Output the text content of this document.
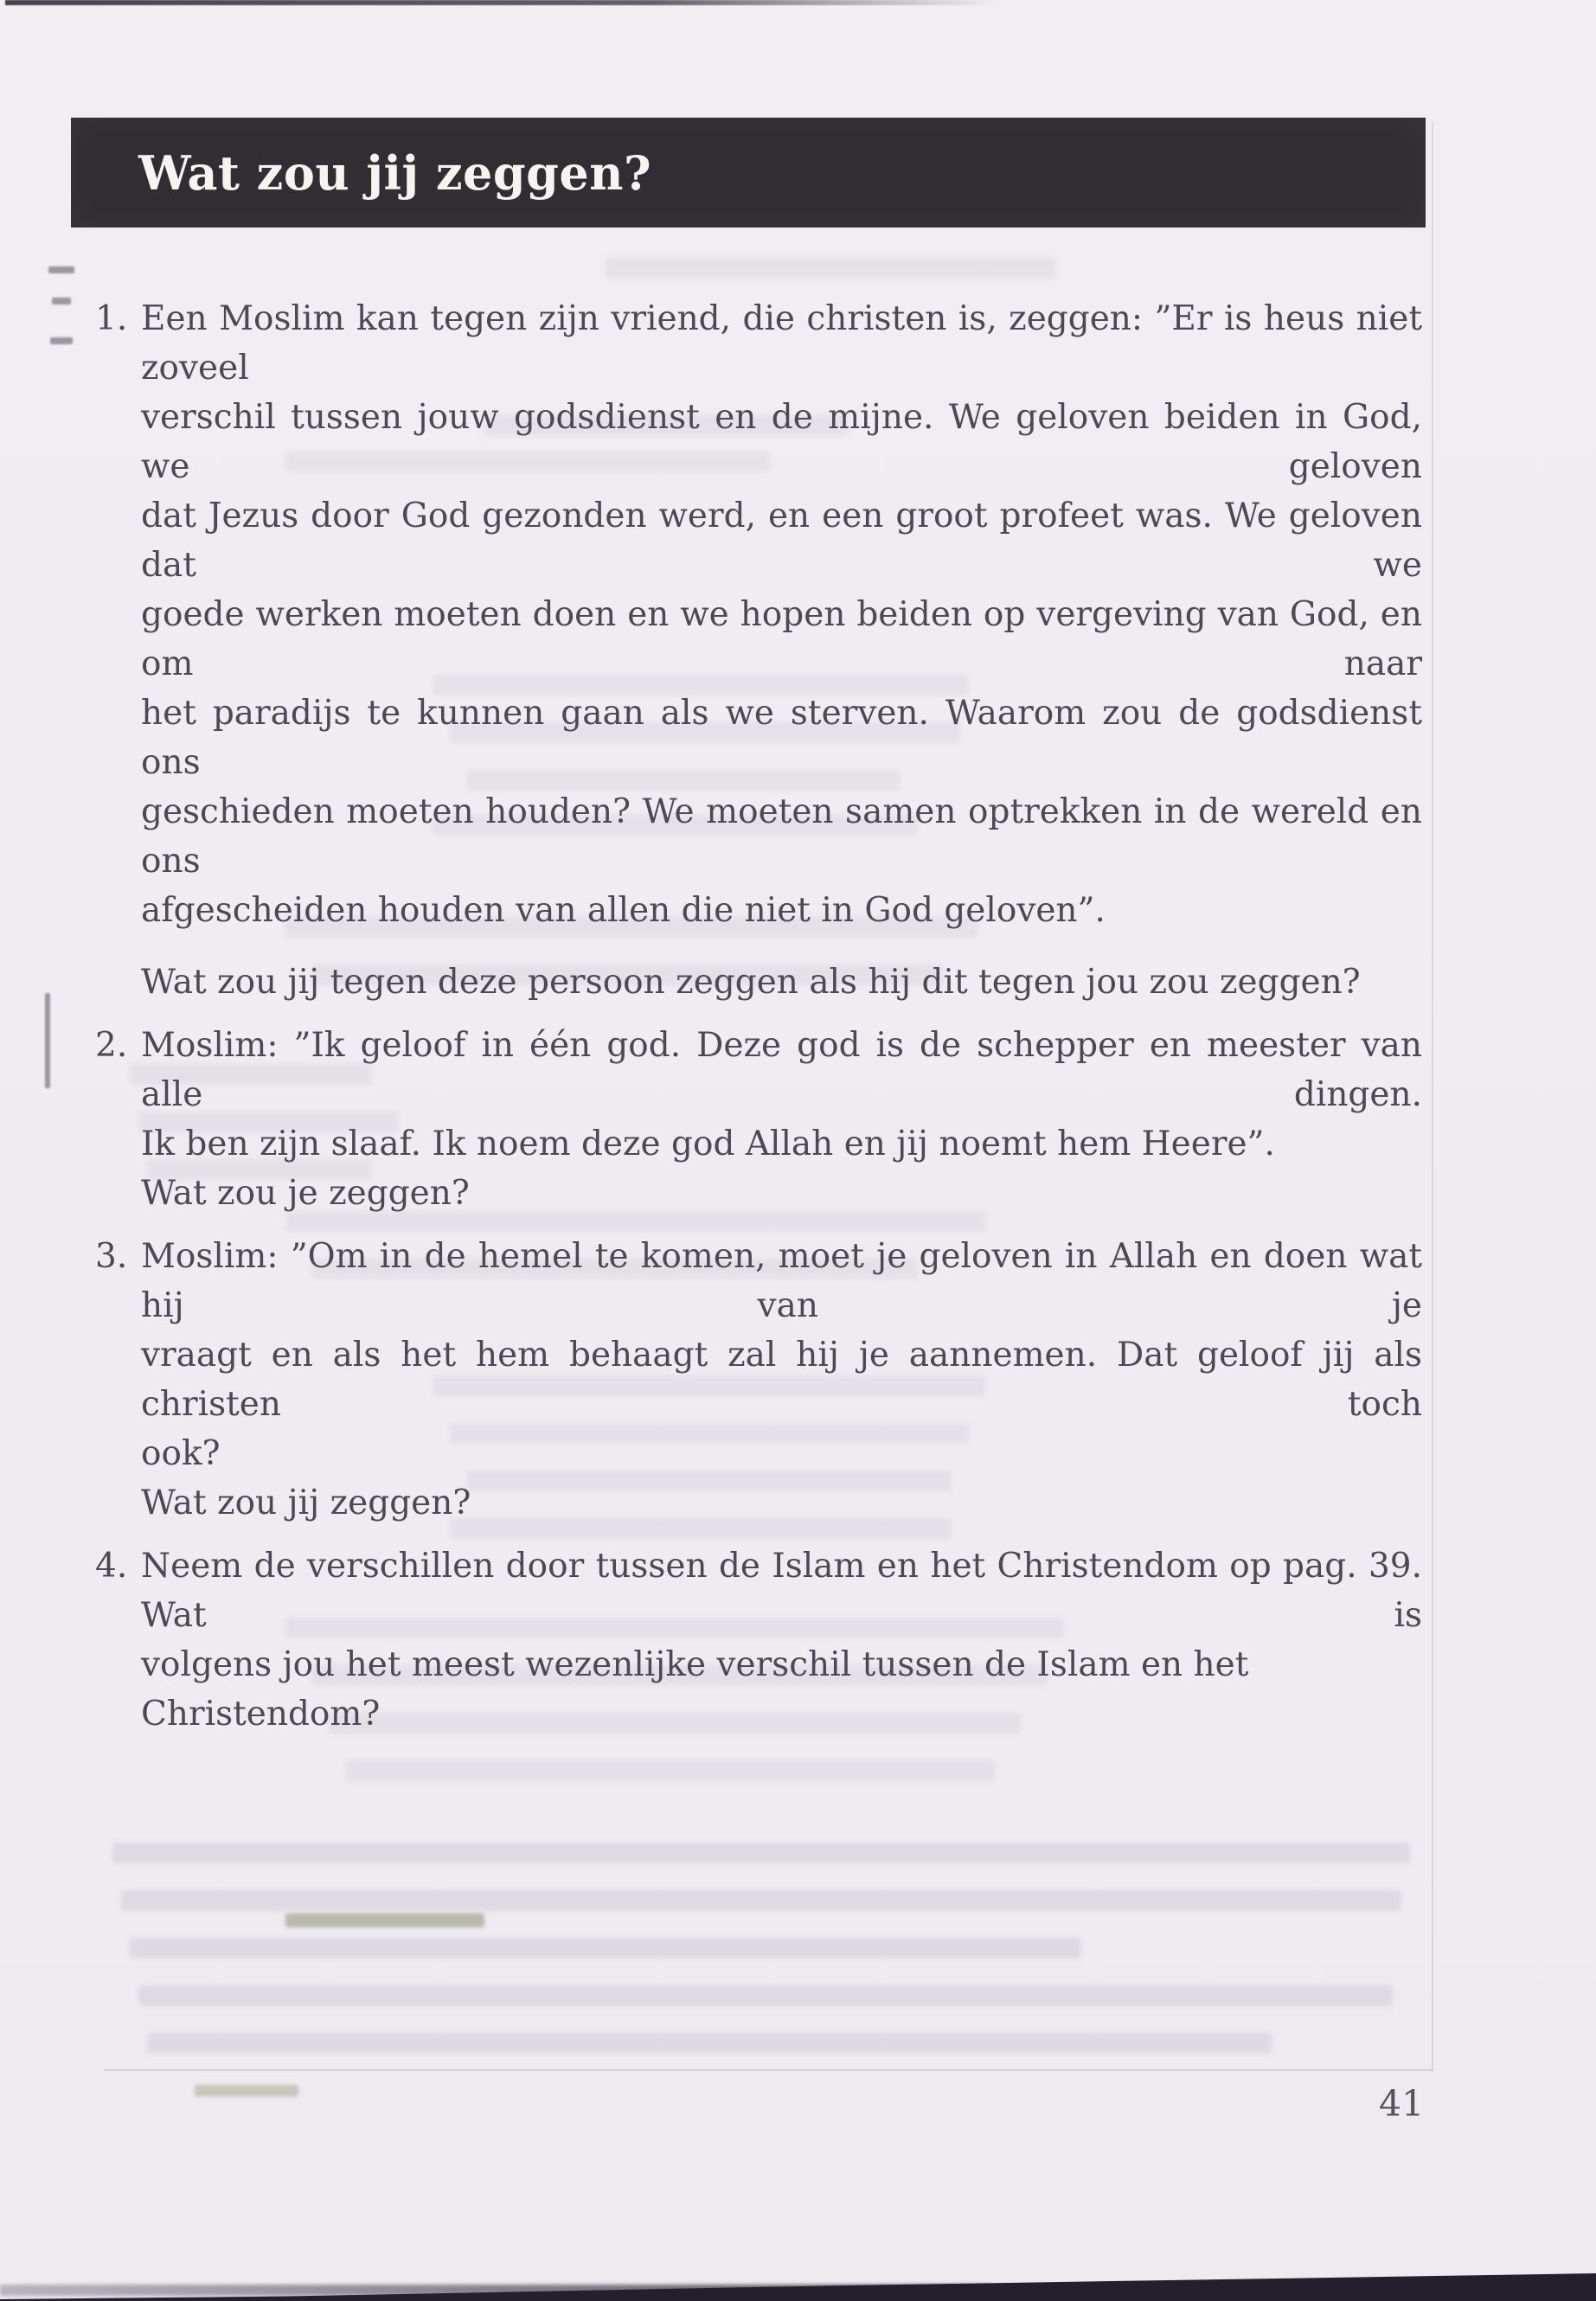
Wat zou jij zeggen?
1. Een Moslim kan tegen zijn vriend, die christen is, zeggen: ”Er is heus niet zoveel
verschil tussen jouw godsdienst en de mijne. We geloven beiden in God, we geloven
dat Jezus door God gezonden werd, en een groot profeet was. We geloven dat we
goede werken moeten doen en we hopen beiden op vergeving van God, en om naar
het paradijs te kunnen gaan als we sterven. Waarom zou de godsdienst ons
geschieden moeten houden? We moeten samen optrekken in de wereld en ons
afgescheiden houden van allen die niet in God geloven”.
Wat zou jij tegen deze persoon zeggen als hij dit tegen jou zou zeggen?
2. Moslim: ”Ik geloof in één god. Deze god is de schepper en meester van alle dingen.
Ik ben zijn slaaf. Ik noem deze god Allah en jij noemt hem Heere”.
Wat zou je zeggen?
3. Moslim: ”Om in de hemel te komen, moet je geloven in Allah en doen wat hij van je
vraagt en als het hem behaagt zal hij je aannemen. Dat geloof jij als christen toch
ook?
Wat zou jij zeggen?
4. Neem de verschillen door tussen de Islam en het Christendom op pag. 39. Wat is
volgens jou het meest wezenlijke verschil tussen de Islam en het Christendom?
41
